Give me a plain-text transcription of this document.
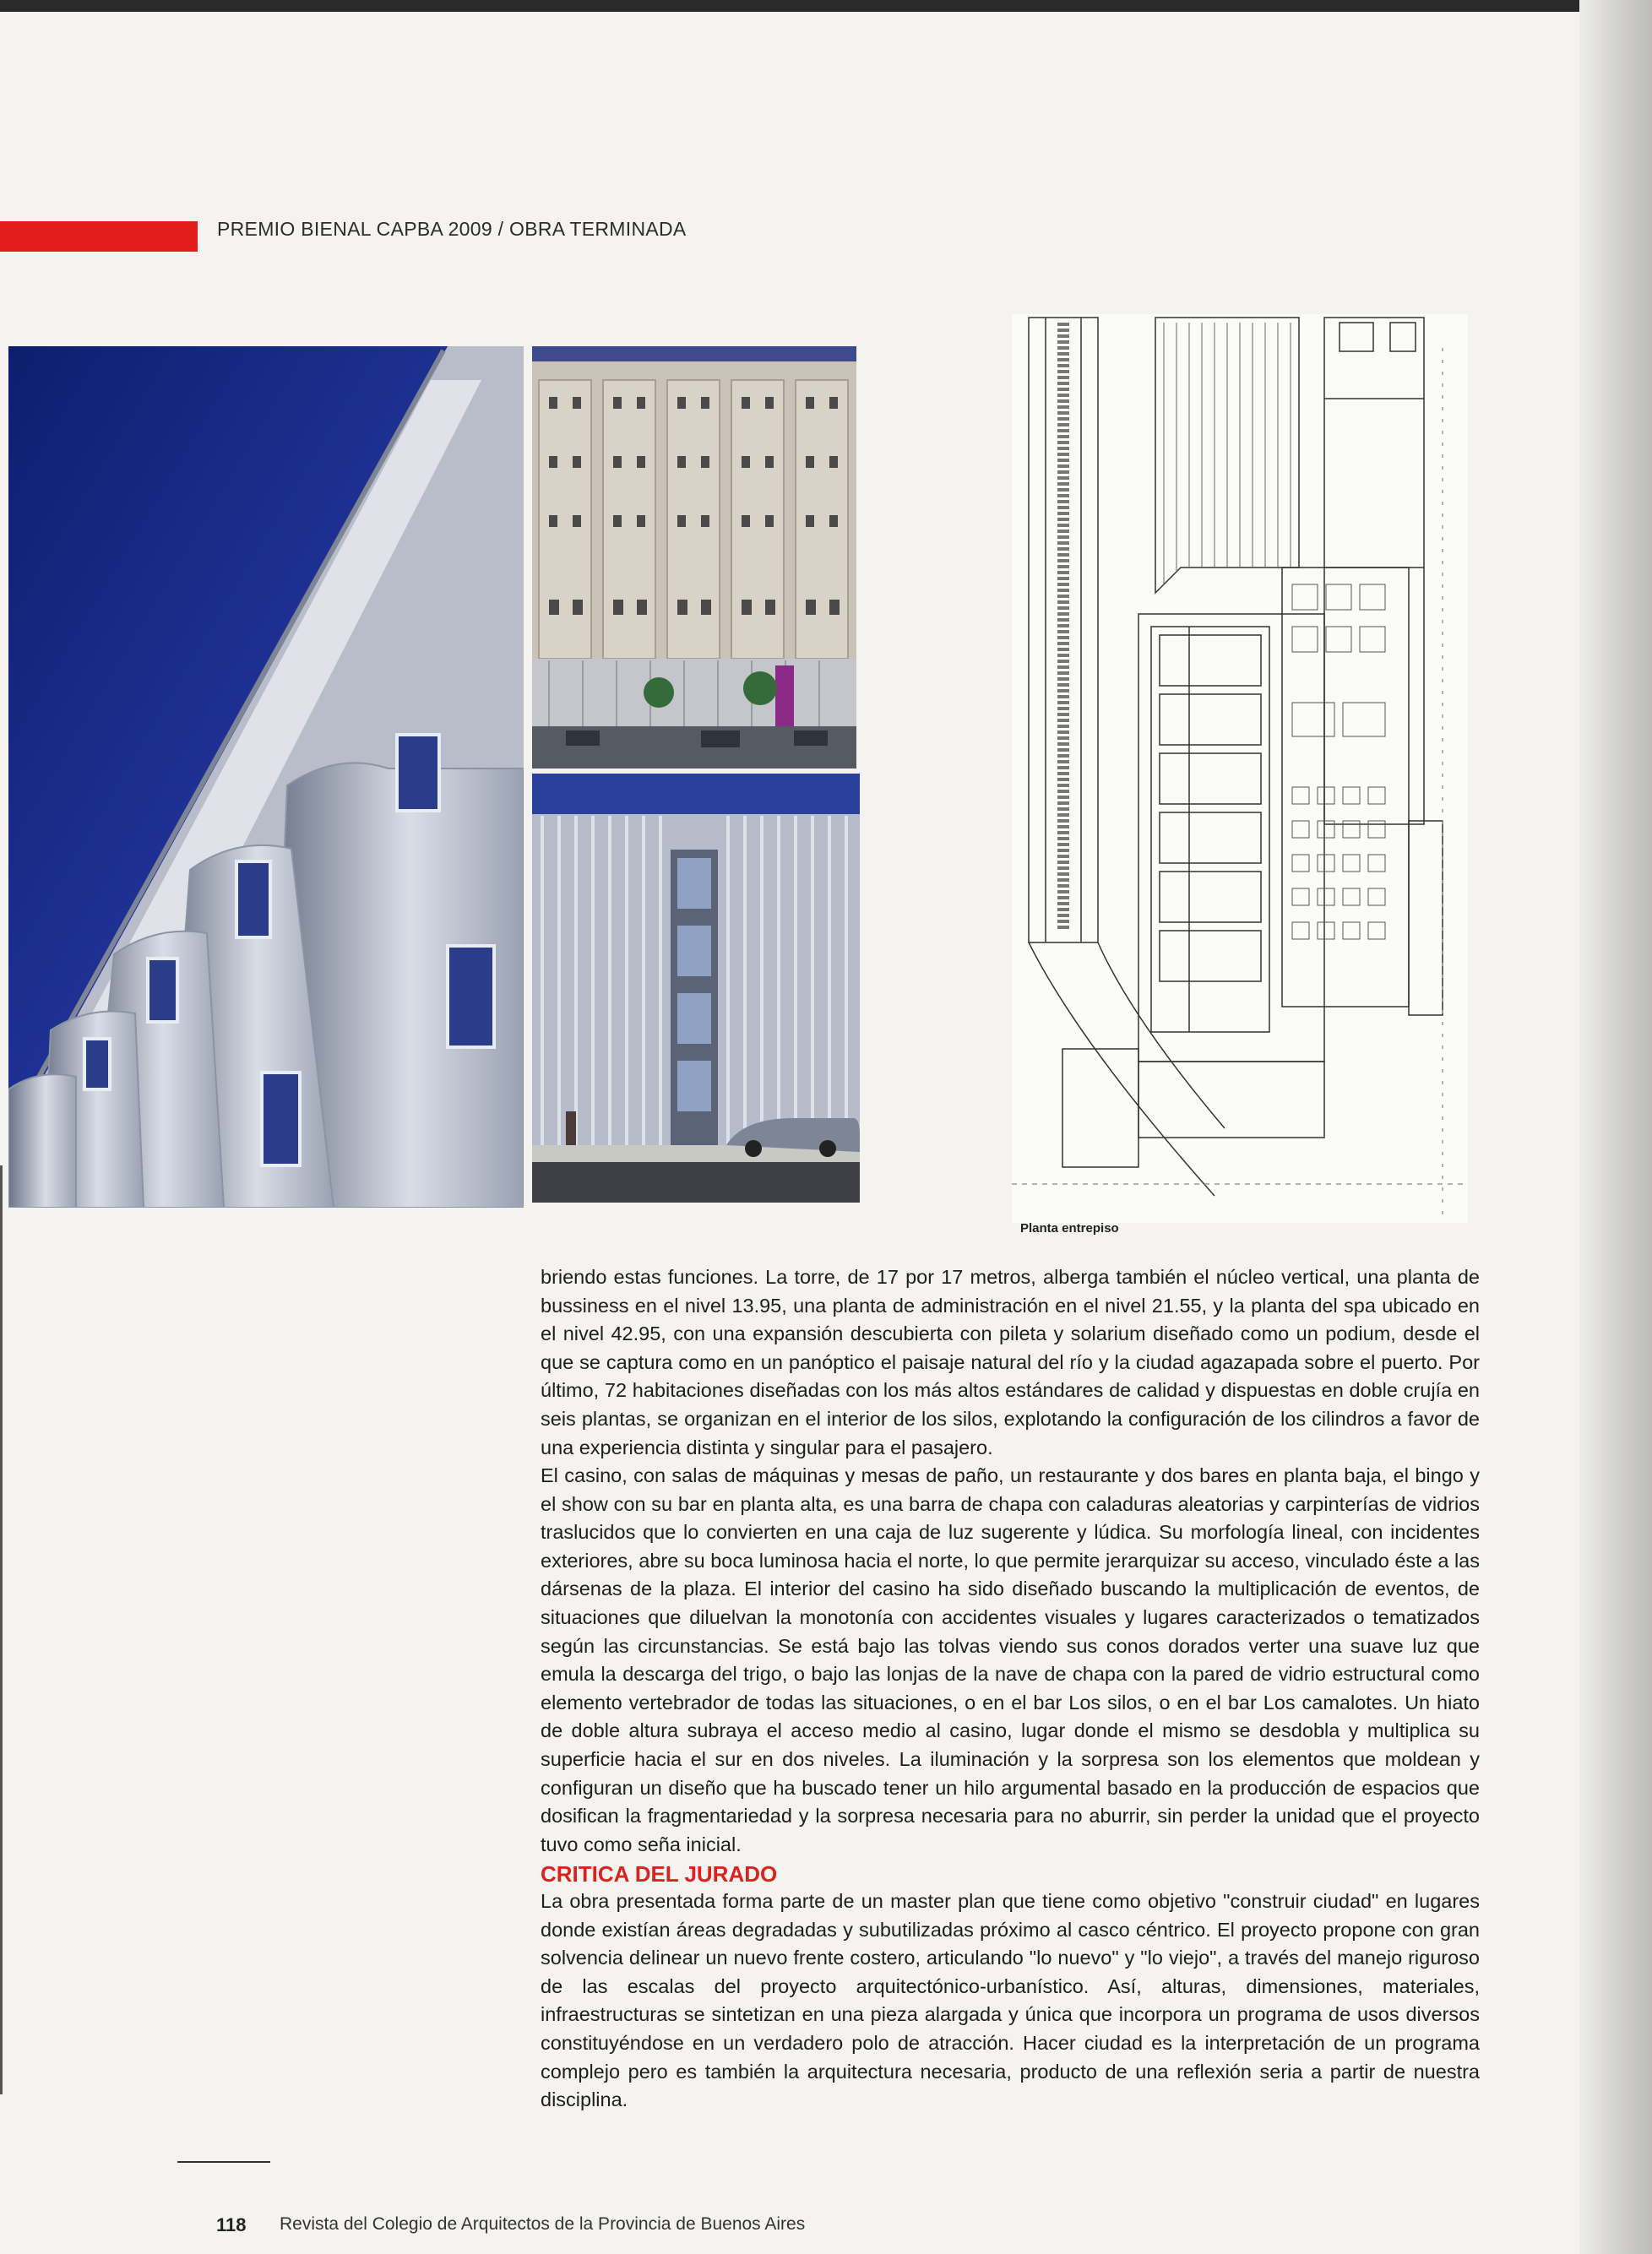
PREMIO BIENAL CAPBA 2009 / OBRA TERMINADA
Planta entrepiso

briendo estas funciones. La torre, de 17 por 17 metros, alberga también el núcleo vertical, una planta de bussiness en el nivel 13.95, una planta de administración en el nivel 21.55, y la planta del spa ubicado en el nivel 42.95, con una expansión descubierta con pileta y solarium diseñado como un podium, desde el que se captura como en un panóptico el paisaje natural del río y la ciudad agazapada sobre el puerto. Por último, 72 habitaciones diseñadas con los más altos estándares de calidad y dispuestas en doble crujía en seis plantas, se organizan en el interior de los silos, explotando la configuración de los cilindros a favor de una experiencia distinta y singular para el pasajero.

El casino, con salas de máquinas y mesas de paño, un restaurante y dos bares en planta baja, el bingo y el show con su bar en planta alta, es una barra de chapa con caladuras aleatorias y carpinterías de vidrios traslucidos que lo convierten en una caja de luz sugerente y lúdica. Su morfología lineal, con incidentes exteriores, abre su boca luminosa hacia el norte, lo que permite jerarquizar su acceso, vinculado éste a las dársenas de la plaza. El interior del casino ha sido diseñado buscando la multiplicación de eventos, de situaciones que diluelvan la monotonía con accidentes visuales y lugares caracterizados o tematizados según las circunstancias. Se está bajo las tolvas viendo sus conos dorados verter una suave luz que emula la descarga del trigo, o bajo las lonjas de la nave de chapa con la pared de vidrio estructural como elemento vertebrador de todas las situaciones, o en el bar Los silos, o en el bar Los camalotes. Un hiato de doble altura subraya el acceso medio al casino, lugar donde el mismo se desdobla y multiplica su superficie hacia el sur en dos niveles. La iluminación y la sorpresa son los elementos que moldean y configuran un diseño que ha buscado tener un hilo argumental basado en la producción de espacios que dosifican la fragmentariedad y la sorpresa necesaria para no aburrir, sin perder la unidad que el proyecto tuvo como seña inicial.

CRITICA DEL JURADO

La obra presentada forma parte de un master plan que tiene como objetivo "construir ciudad" en lugares donde existían áreas degradadas y subutilizadas próximo al casco céntrico. El proyecto propone con gran solvencia delinear un nuevo frente costero, articulando "lo nuevo" y "lo viejo", a través del manejo riguroso de las escalas del proyecto arquitectónico-urbanístico. Así, alturas, dimensiones, materiales, infraestructuras se sintetizan en una pieza alargada y única que incorpora un programa de usos diversos constituyéndose en un verdadero polo de atracción. Hacer ciudad es la interpretación de un programa complejo pero es también la arquitectura necesaria, producto de una reflexión seria a partir de nuestra disciplina.

118 Revista del Colegio de Arquitectos de la Provincia de Buenos Aires
